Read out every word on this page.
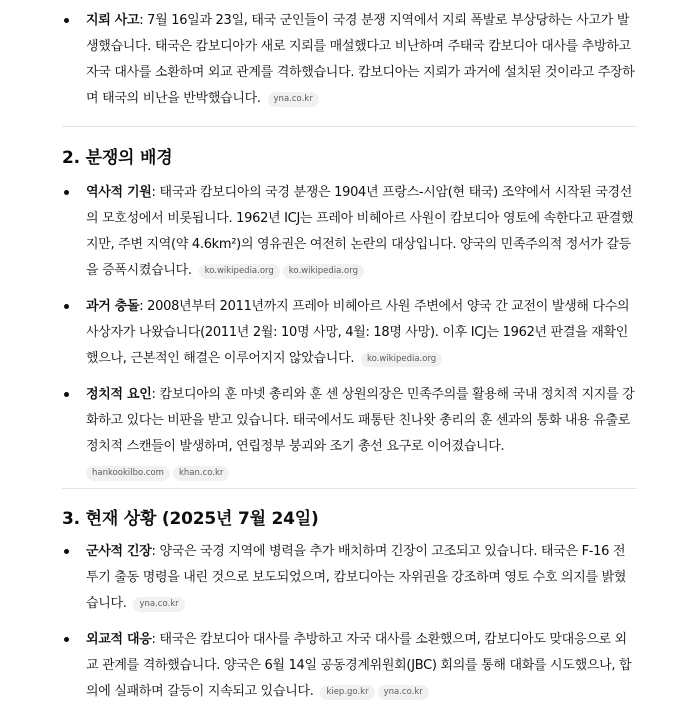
지뢰 사고: 7월 16일과 23일, 태국 군인들이 국경 분쟁 지역에서 지뢰 폭발로 부상당하는 사고가 발생했습니다. 태국은 캄보디아가 새로 지뢰를 매설했다고 비난하며 주태국 캄보디아 대사를 추방하고 자국 대사를 소환하며 외교 관계를 격하했습니다. 캄보디아는 지뢰가 과거에 설치된 것이라고 주장하며 태국의 비난을 반박했습니다. yna.co.kr
2. 분쟁의 배경
역사적 기원: 태국과 캄보디아의 국경 분쟁은 1904년 프랑스-시암(현 태국) 조약에서 시작된 국경선의 모호성에서 비롯됩니다. 1962년 ICJ는 프레아 비헤아르 사원이 캄보디아 영토에 속한다고 판결했지만, 주변 지역(약 4.6km²)의 영유권은 여전히 논란의 대상입니다. 양국의 민족주의적 정서가 갈등을 증폭시켰습니다. ko.wikipedia.org ko.wikipedia.org
과거 충돌: 2008년부터 2011년까지 프레아 비헤아르 사원 주변에서 양국 간 교전이 발생해 다수의 사상자가 나왔습니다(2011년 2월: 10명 사망, 4월: 18명 사망). 이후 ICJ는 1962년 판결을 재확인했으나, 근본적인 해결은 이루어지지 않았습니다. ko.wikipedia.org
정치적 요인: 캄보디아의 훈 마넷 총리와 훈 센 상원의장은 민족주의를 활용해 국내 정치적 지지를 강화하고 있다는 비판을 받고 있습니다. 태국에서도 패통탄 친나왓 총리의 훈 센과의 통화 내용 유출로 정치적 스캔들이 발생하며, 연립정부 붕괴와 조기 총선 요구로 이어졌습니다.
hankookilbo.com khan.co.kr
3. 현재 상황 (2025년 7월 24일)
군사적 긴장: 양국은 국경 지역에 병력을 추가 배치하며 긴장이 고조되고 있습니다. 태국은 F-16 전투기 출동 명령을 내린 것으로 보도되었으며, 캄보디아는 자위권을 강조하며 영토 수호 의지를 밝혔습니다. yna.co.kr
외교적 대응: 태국은 캄보디아 대사를 추방하고 자국 대사를 소환했으며, 캄보디아도 맞대응으로 외교 관계를 격하했습니다. 양국은 6월 14일 공동경계위원회(JBC) 회의를 통해 대화를 시도했으나, 합의에 실패하며 갈등이 지속되고 있습니다. kiep.go.kr yna.co.kr
